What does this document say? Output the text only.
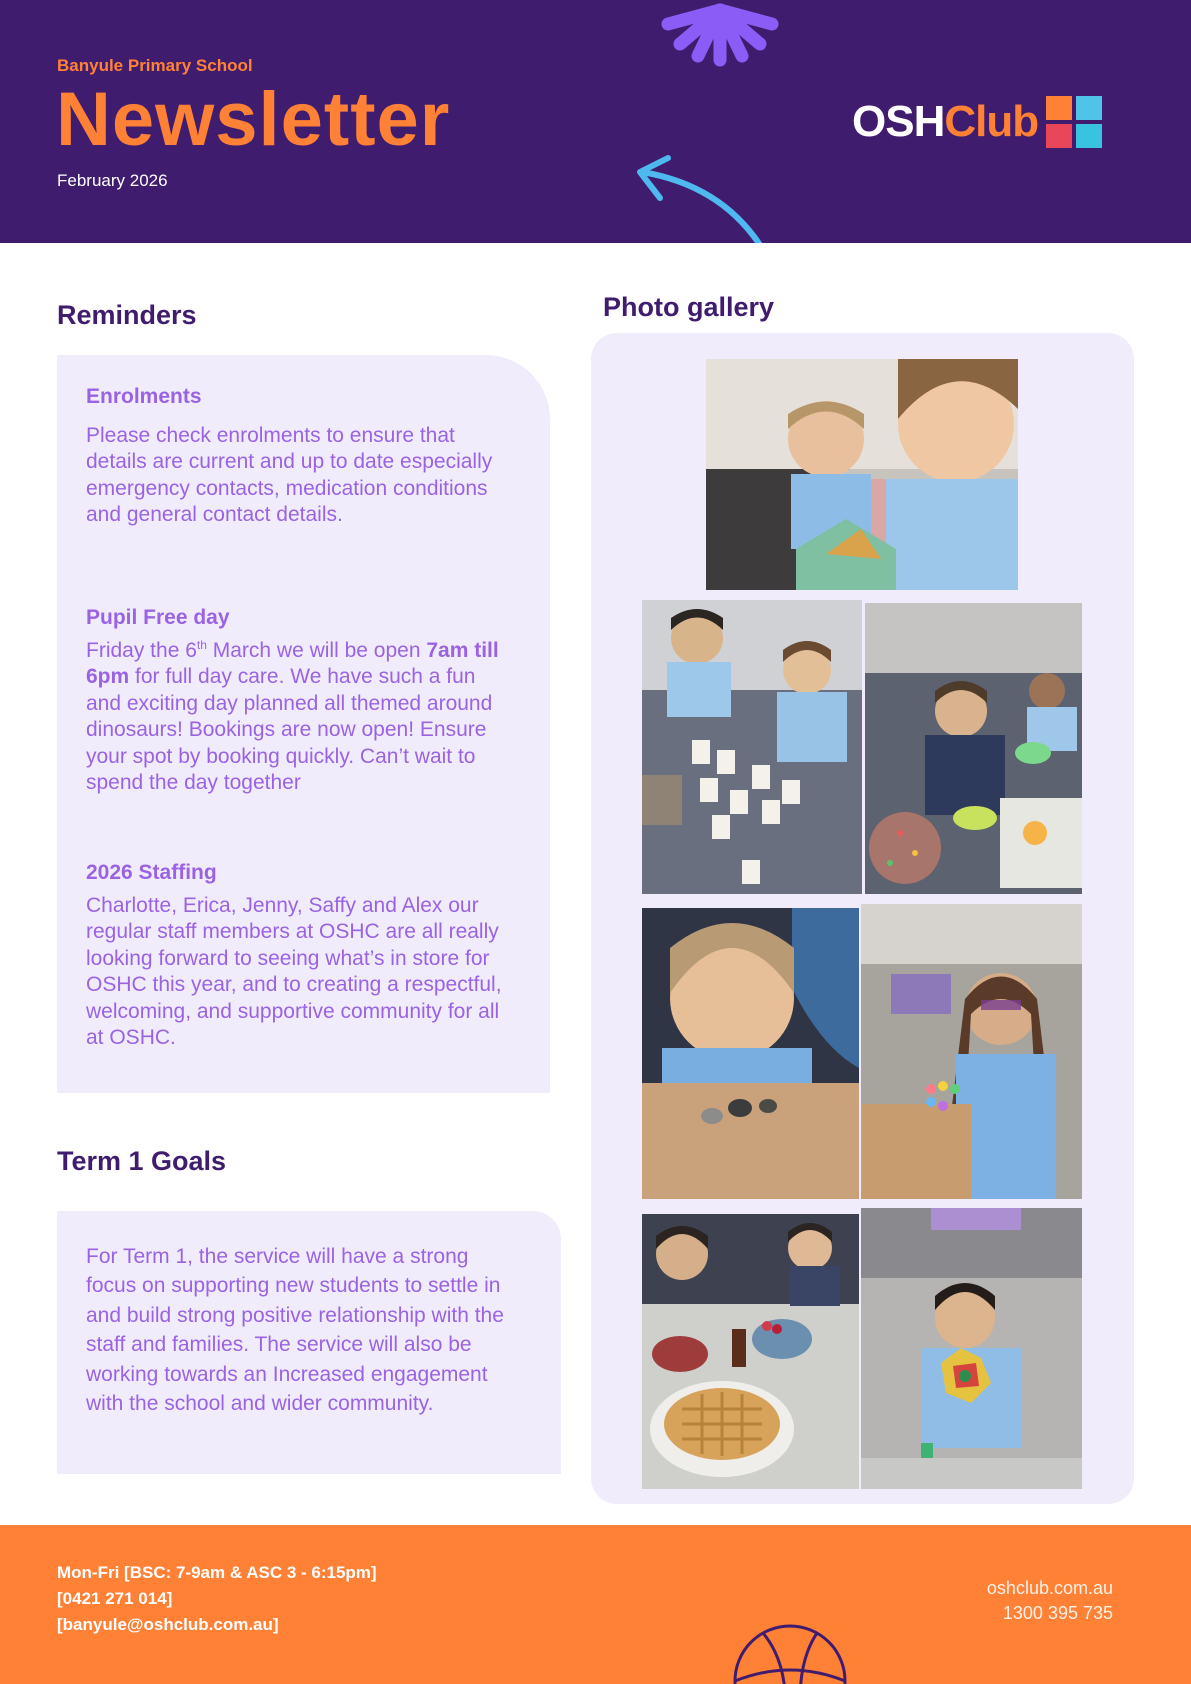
Banyule Primary School
Newsletter
February 2026
OSH Club
Reminders
Enrolments
Please check enrolments to ensure that details are current and up to date especially emergency contacts, medication conditions and general contact details.
Pupil Free day
Friday the 6th March we will be open 7am till 6pm for full day care. We have such a fun and exciting day planned all themed around dinosaurs! Bookings are now open! Ensure your spot by booking quickly. Can’t wait to spend the day together
2026 Staffing
Charlotte, Erica, Jenny, Saffy and Alex our regular staff members at OSHC are all really looking forward to seeing what’s in store for OSHC this year, and to creating a respectful, welcoming, and supportive community for all at OSHC.
Term 1 Goals
For Term 1, the service will have a strong focus on supporting new students to settle in and build strong positive relationship with the staff and families. The service will also be working towards an Increased engagement with the school and wider community.
Photo gallery
Mon-Fri [BSC: 7-9am & ASC 3 - 6:15pm]
[0421 271 014]
[banyule@oshclub.com.au]
oshclub.com.au
1300 395 735
